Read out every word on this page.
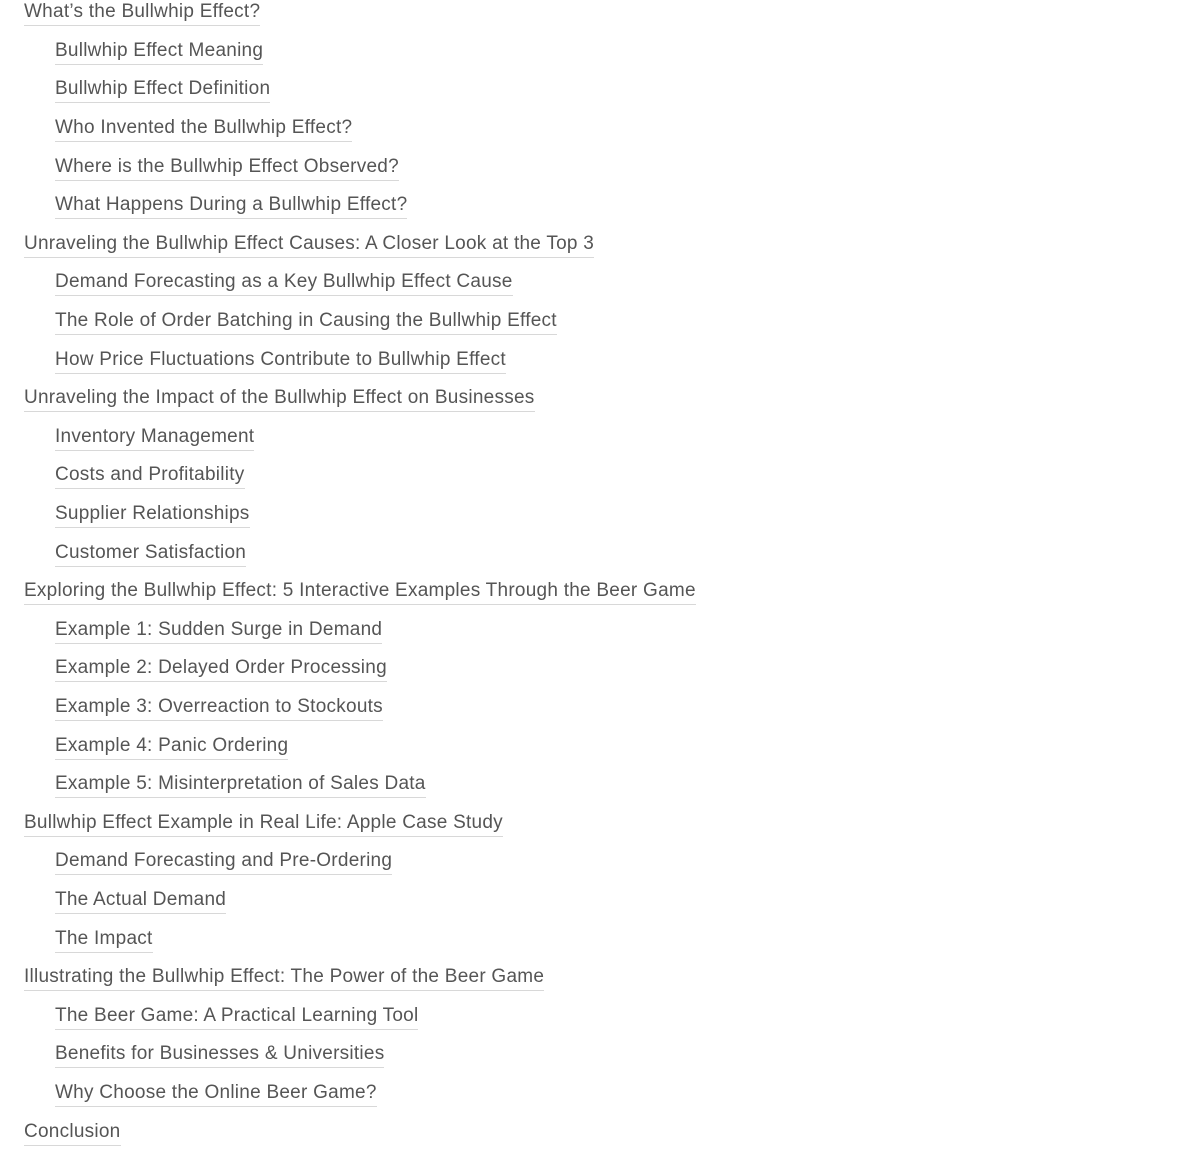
What’s the Bullwhip Effect?
Bullwhip Effect Meaning
Bullwhip Effect Definition
Who Invented the Bullwhip Effect?
Where is the Bullwhip Effect Observed?
What Happens During a Bullwhip Effect?
Unraveling the Bullwhip Effect Causes: A Closer Look at the Top 3
Demand Forecasting as a Key Bullwhip Effect Cause
The Role of Order Batching in Causing the Bullwhip Effect
How Price Fluctuations Contribute to Bullwhip Effect
Unraveling the Impact of the Bullwhip Effect on Businesses
Inventory Management
Costs and Profitability
Supplier Relationships
Customer Satisfaction
Exploring the Bullwhip Effect: 5 Interactive Examples Through the Beer Game
Example 1: Sudden Surge in Demand
Example 2: Delayed Order Processing
Example 3: Overreaction to Stockouts
Example 4: Panic Ordering
Example 5: Misinterpretation of Sales Data
Bullwhip Effect Example in Real Life: Apple Case Study
Demand Forecasting and Pre-Ordering
The Actual Demand
The Impact
Illustrating the Bullwhip Effect: The Power of the Beer Game
The Beer Game: A Practical Learning Tool
Benefits for Businesses & Universities
Why Choose the Online Beer Game?
Conclusion
